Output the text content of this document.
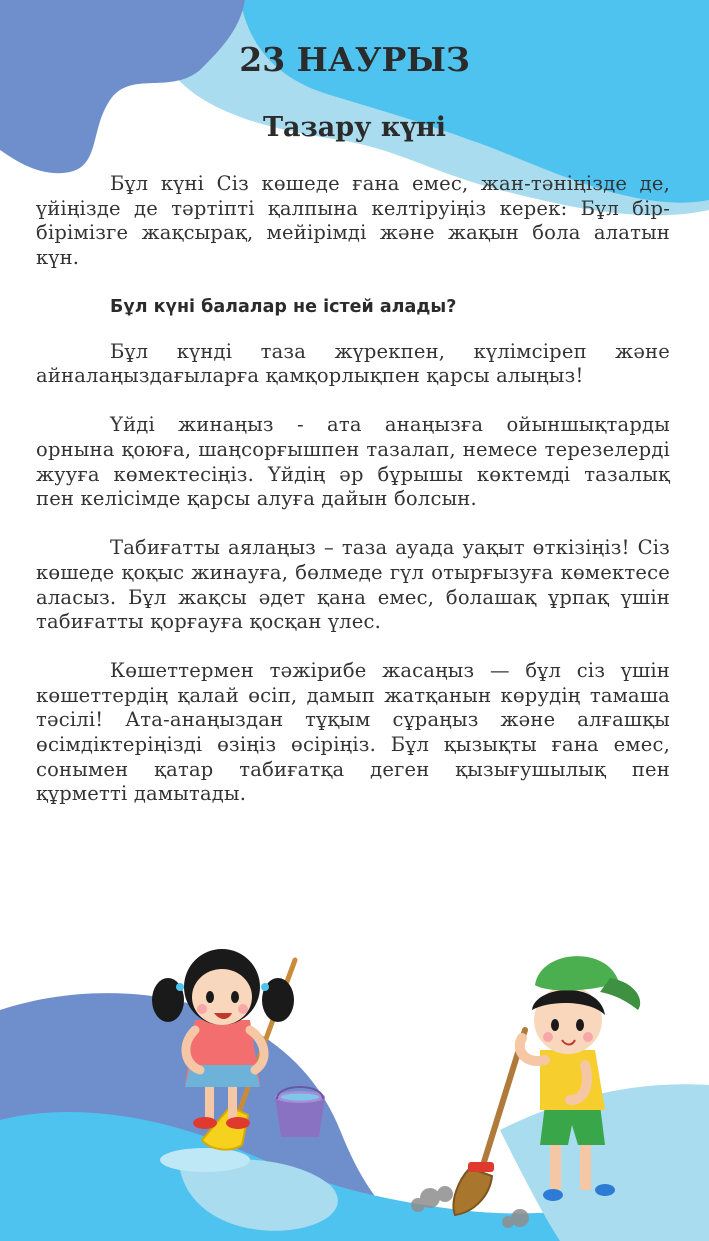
23 НАУРЫЗ
Тазару күні

Бұл күні Сіз көшеде ғана емес, жан-тәніңізде де, үйіңізде де тәртіпті қалпына келтіруіңіз керек: Бұл бір-бірімізге жақсырақ, мейірімді және жақын бола алатын күн.

Бұл күні балалар не істей алады?

Бұл күнді таза жүрекпен, күлімсіреп және айналаңыздағыларға қамқорлықпен қарсы алыңыз!

Үйді жинаңыз - ата анаңызға ойыншықтарды орнына қоюға, шаңсорғышпен тазалап, немесе терезелерді жууға көмектесіңіз. Үйдің әр бұрышы көктемді тазалық пен келісімде қарсы алуға дайын болсын.

Табиғатты аялаңыз – таза ауада уақыт өткізіңіз! Сіз көшеде қоқыс жинауға, бөлмеде гүл отырғызуға көмектесе аласыз. Бұл жақсы әдет қана емес, болашақ ұрпақ үшін табиғатты қорғауға қосқан үлес.

Көшеттермен тәжірибе жасаңыз — бұл сіз үшін көшеттердің қалай өсіп, дамып жатқанын көрудің тамаша тәсілі! Ата-анаңыздан тұқым сұраңыз және алғашқы өсімдіктеріңізді өзіңіз өсіріңіз. Бұл қызықты ғана емес, сонымен қатар табиғатқа деген қызығушылық пен құрметті дамытады.
